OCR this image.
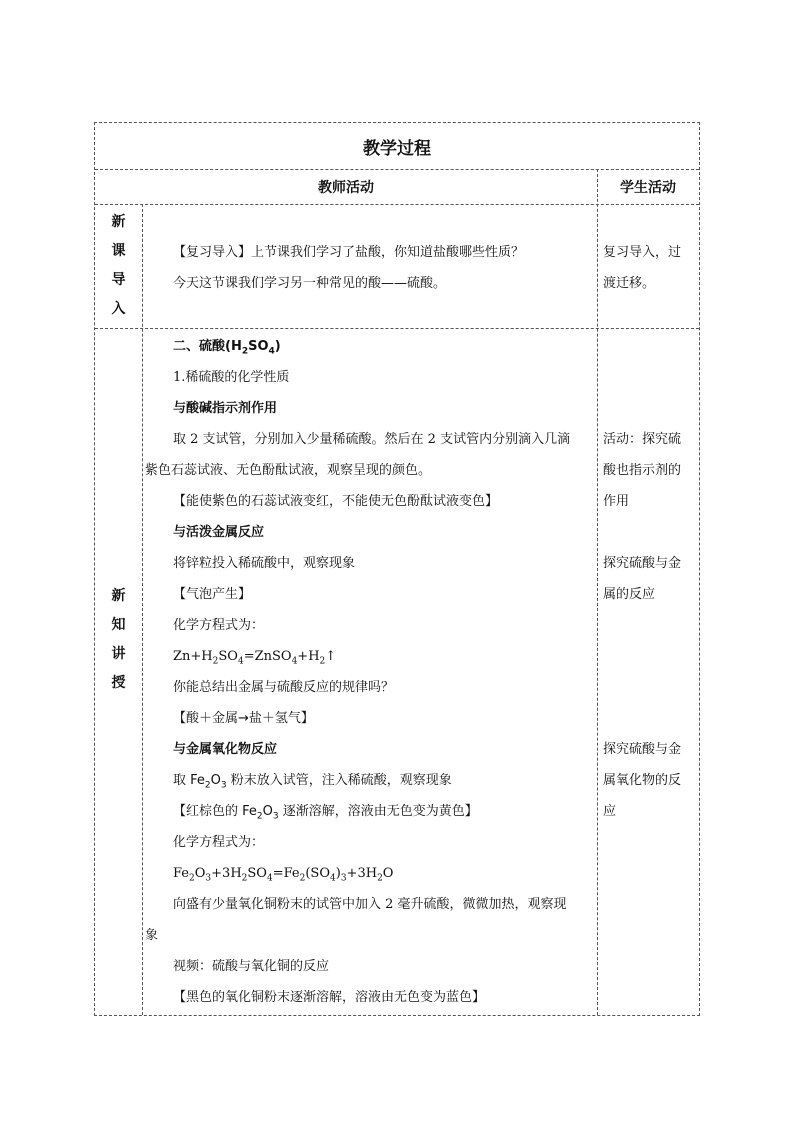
教学过程
教师活动	学生活动
新
课
导
入
【复习导入】上节课我们学习了盐酸，你知道盐酸哪些性质？
今天这节课我们学习另一种常见的酸——硫酸。
复习导入，过
渡迁移。
新
知
讲
授
二、硫酸$(H_2SO_4)$
1.稀硫酸的化学性质
与酸碱指示剂作用
取 2 支试管，分别加入少量稀硫酸。然后在 2 支试管内分别滴入几滴
紫色石蕊试液、无色酚酞试液，观察呈现的颜色。
【能使紫色的石蕊试液变红，不能使无色酚酞试液变色】
与活泼金属反应
将锌粒投入稀硫酸中，观察现象
【气泡产生】
化学方程式为：
$Zn+H_2SO_4=ZnSO_4+H_2↑$
你能总结出金属与硫酸反应的规律吗？
【酸＋金属→盐＋氢气】
与金属氧化物反应
取 $Fe_2O_3$ 粉末放入试管，注入稀硫酸，观察现象
【红棕色的 $Fe_2O_3$ 逐渐溶解，溶液由无色变为黄色】
化学方程式为：
$Fe_2O_3+3H_2SO_4=Fe_2(SO_4)_3+3H_2O$
向盛有少量氧化铜粉末的试管中加入 2 毫升硫酸，微微加热，观察现
象
视频：硫酸与氧化铜的反应
【黑色的氧化铜粉末逐渐溶解，溶液由无色变为蓝色】
活动：探究硫
酸也指示剂的
作用
探究硫酸与金
属的反应
探究硫酸与金
属氧化物的反
应
